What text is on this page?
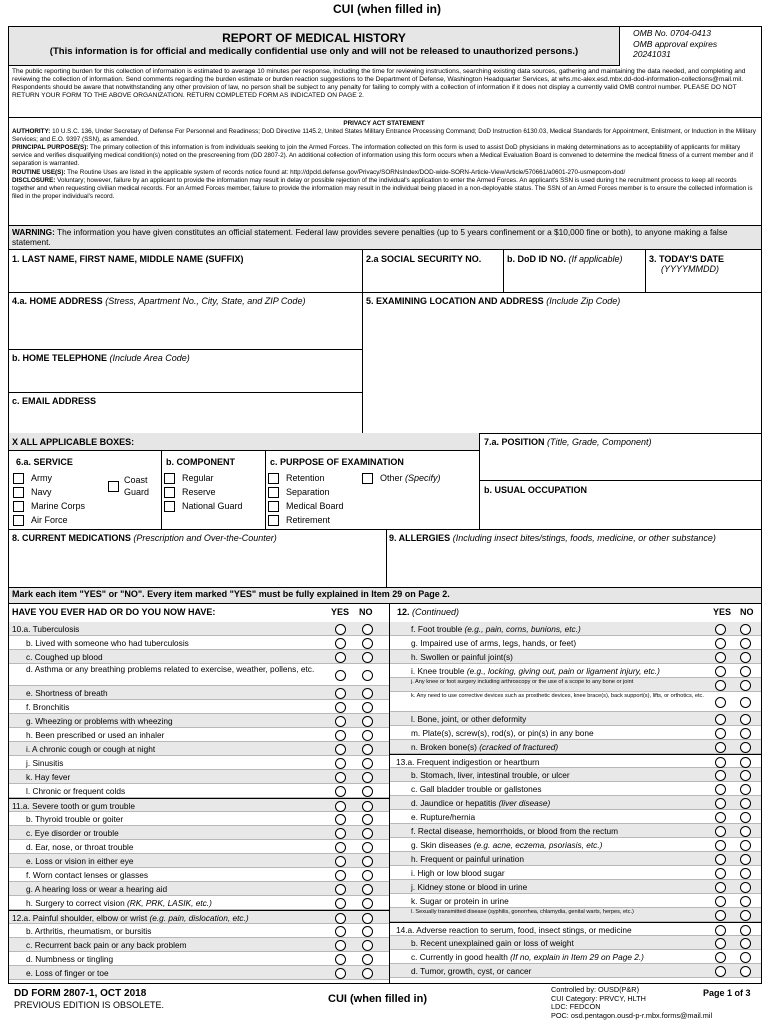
CUI (when filled in)
REPORT OF MEDICAL HISTORY
(This information is for official and medically confidential use only and will not be released to unauthorized persons.)
OMB No. 0704-0413
OMB approval expires
20241031
The public reporting burden for this collection of information is estimated to average 10 minutes per response, including the time for reviewing instructions, searching existing data sources, gathering and maintaining the data needed, and completing and reviewing the collection of information. Send comments regarding the burden estimate or burden reaction suggestions to the Department of Defense, Washington Headquarter Services, at whs.mc-alex.esd.mbx.dd-dod-information-collections@mail.mil. Respondents should be aware that notwithstanding any other provision of law, no person shall be subject to any penalty for failing to comply with a collection of information if it does not display a currently valid OMB control number. PLEASE DO NOT RETURN YOUR FORM TO THE ABOVE ORGANIZATION. RETURN COMPLETED FORM AS INDICATED ON PAGE 2.
PRIVACY ACT STATEMENT
AUTHORITY: 10 U.S.C. 136, Under Secretary of Defense For Personnel and Readiness; DoD Directive 1145.2, United States Military Entrance Processing Command; DoD Instruction 6130.03, Medical Standards for Appointment, Enlistment, or Induction in the Military Services; and E.O. 9397 (SSN), as amended.
PRINCIPAL PURPOSE(S): The primary collection of this information is from individuals seeking to join the Armed Forces. The information collected on this form is used to assist DoD physicians in making determinations as to acceptability of applicants for military service and verifies disqualifying medical condition(s) noted on the prescreening from (DD 2807-2). An additional collection of information using this form occurs when a Medical Evaluation Board is convened to determine the medical fitness of a current member and if separation is warranted.
ROUTINE USE(S): The Routine Uses are listed in the applicable system of records notice found at: http://dpcld.defense.gov/Privacy/SORNsIndex/DOD-wide-SORN-Article-View/Article/570661/a0601-270-usmepcom-dod/
DISCLOSURE: Voluntary; however, failure by an applicant to provide the information may result in delay or possible rejection of the individual's application to enter the Armed Forces. An applicant's SSN is used during t he recruitment process to keep all records together and when requesting civilian medical records. For an Armed Forces member, failure to provide the information may result in the individual being placed in a non-deployable status. The SSN of an Armed Forces member is to ensure the collected information is filed in the proper individual's record.
WARNING: The information you have given constitutes an official statement. Federal law provides severe penalties (up to 5 years confinement or a $10,000 fine or both), to anyone making a false statement.
1. LAST NAME, FIRST NAME, MIDDLE NAME (SUFFIX)	2.a SOCIAL SECURITY NO.	b. DoD ID NO. (If applicable)	3. TODAY'S DATE
(YYYYMMDD)
4.a. HOME ADDRESS (Stress, Apartment No., City, State, and ZIP Code)	5. EXAMINING LOCATION AND ADDRESS (Include Zip Code)
b. HOME TELEPHONE (Include Area Code)
c. EMAIL ADDRESS
X ALL APPLICABLE BOXES:	7.a. POSITION (Title, Grade, Component)
b. USUAL OCCUPATION
6.a. SERVICE
Army
Navy
Marine Corps
Air Force
Coast
Guard
b. COMPONENT
Regular
Reserve
National Guard
c. PURPOSE OF EXAMINATION
Retention
Separation
Medical Board
Retirement
Other (Specify)
8. CURRENT MEDICATIONS (Prescription and Over-the-Counter)	9. ALLERGIES (Including insect bites/stings, foods, medicine, or other substance)
Mark each item "YES" or "NO". Every item marked "YES" must be fully explained in Item 29 on Page 2.
HAVE YOU EVER HAD OR DO YOU NOW HAVE:	YES NO	12. (Continued)	YES NO
10.a. Tuberculosis
b. Lived with someone who had tuberculosis
c. Coughed up blood
d. Asthma or any breathing problems related to exercise, weather, pollens, etc.
e. Shortness of breath
f. Bronchitis
g. Wheezing or problems with wheezing
h. Been prescribed or used an inhaler
i. A chronic cough or cough at night
j. Sinusitis
k. Hay fever
l. Chronic or frequent colds
11.a. Severe tooth or gum trouble
b. Thyroid trouble or goiter
c. Eye disorder or trouble
d. Ear, nose, or throat trouble
e. Loss or vision in either eye
f. Worn contact lenses or glasses
g. A hearing loss or wear a hearing aid
h. Surgery to correct vision (RK, PRK, LASIK, etc.)
12.a. Painful shoulder, elbow or wrist (e.g. pain, dislocation, etc.)
b. Arthritis, rheumatism, or bursitis
c. Recurrent back pain or any back problem
d. Numbness or tingling
e. Loss of finger or toe
f. Foot trouble (e.g., pain, corns, bunions, etc.)
g. Impaired use of arms, legs, hands, or feet)
h. Swollen or painful joint(s)
i. Knee trouble (e.g., locking, giving out, pain or ligament injury, etc.)
j. Any knee or foot surgery including arthroscopy or the use of a scope to any bone or joint
k. Any need to use corrective devices such as prosthetic devices, knee brace(s), back support(s), lifts, or orthotics, etc.
l. Bone, joint, or other deformity
m. Plate(s), screw(s), rod(s), or pin(s) in any bone
n. Broken bone(s) (cracked of fractured)
13.a. Frequent indigestion or heartburn
b. Stomach, liver, intestinal trouble, or ulcer
c. Gall bladder trouble or gallstones
d. Jaundice or hepatitis (liver disease)
e. Rupture/hernia
f. Rectal disease, hemorrhoids, or blood from the rectum
g. Skin diseases (e.g. acne, eczema, psoriasis, etc.)
h. Frequent or painful urination
i. High or low blood sugar
j. Kidney stone or blood in urine
k. Sugar or protein in urine
l. Sexually transmitted disease (syphilis, gonorrhea, chlamydia, genital warts, herpes, etc.)
14.a. Adverse reaction to serum, food, insect stings, or medicine
b. Recent unexplained gain or loss of weight
c. Currently in good health (If no, explain in Item 29 on Page 2.)
d. Tumor, growth, cyst, or cancer
DD FORM 2807-1, OCT 2018
PREVIOUS EDITION IS OBSOLETE.	CUI (when filled in)
Controlled by: OUSD(P&R)
CUI Category: PRVCY, HLTH
LDC: FEDCON
POC: osd.pentagon.ousd-p-r.mbx.forms@mail.mil
Page 1 of 3
